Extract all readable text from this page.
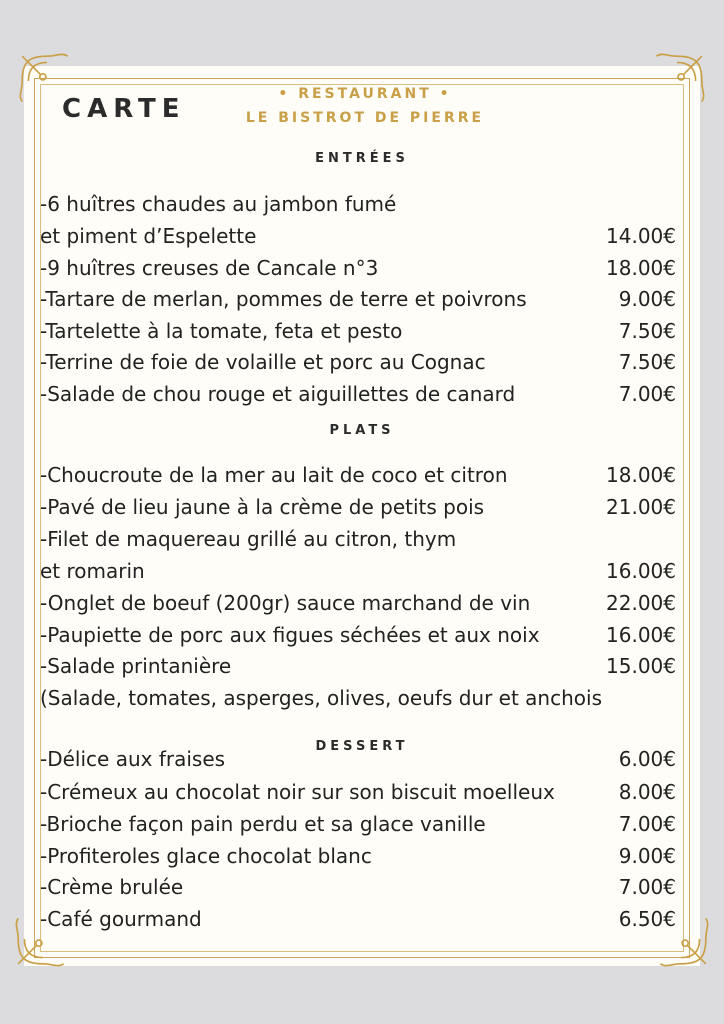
CARTE	• RESTAURANT •
LE BISTROT DE PIERRE
ENTRÉES
PLATS
DESSERT
-6 huîtres chaudes au jambon fumé
et piment d’Espelette	14.00€
-9 huîtres creuses de Cancale n°3	18.00€
-Tartare de merlan, pommes de terre et poivrons	9.00€
-Tartelette à la tomate, feta et pesto	7.50€
-Terrine de foie de volaille et porc au Cognac	7.50€
-Salade de chou rouge et aiguillettes de canard	7.00€
-Choucroute de la mer au lait de coco et citron	18.00€
-Pavé de lieu jaune à la crème de petits pois	21.00€
-Filet de maquereau grillé au citron, thym
et romarin	16.00€
-Onglet de boeuf (200gr) sauce marchand de vin	22.00€
-Paupiette de porc aux figues séchées et aux noix	16.00€
-Salade printanière	15.00€
(Salade, tomates, asperges, olives, oeufs dur et anchois
-Délice aux fraises	6.00€
-Crémeux au chocolat noir sur son biscuit moelleux	8.00€
-Brioche façon pain perdu et sa glace vanille	7.00€
-Profiteroles glace chocolat blanc	9.00€
-Crème brulée	7.00€
-Café gourmand	6.50€
